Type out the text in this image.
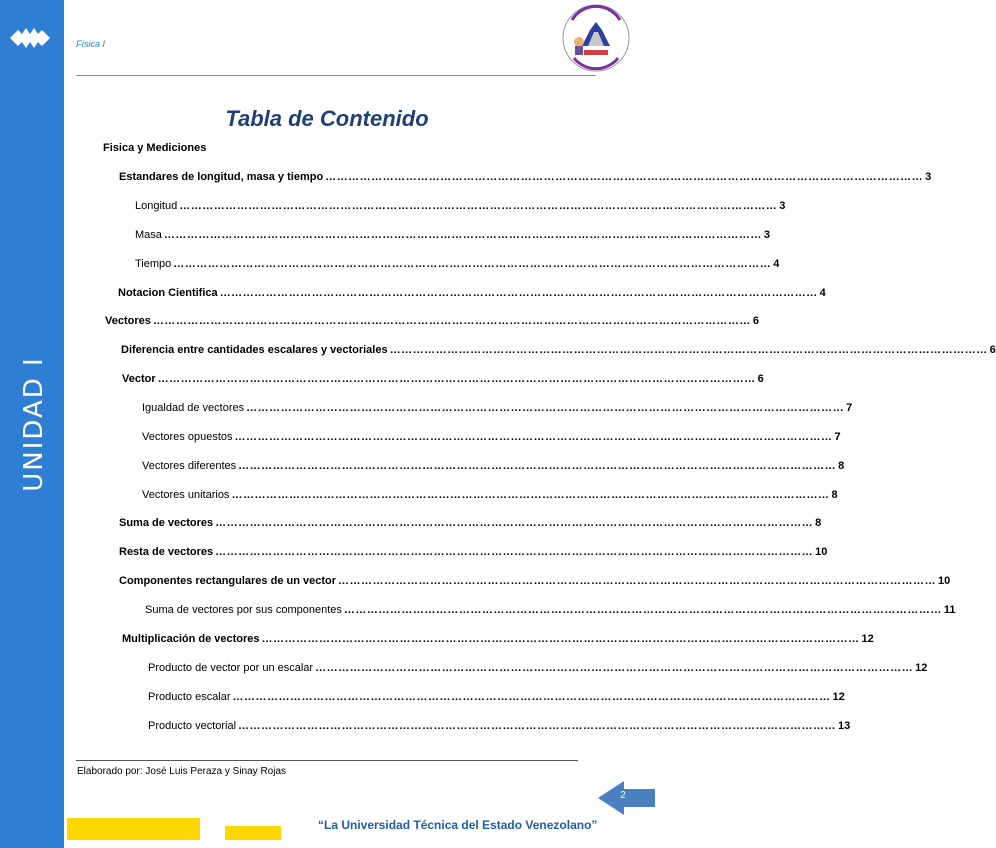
UNIDAD I
Física I
Tabla de Contenido
Fisica y Mediciones
Estandares de longitud, masa y tiempo ………………………………………………………………………………………………………………………………………… 3
Longitud ………………………………………………………………………………………………………………………………………… 3
Masa ………………………………………………………………………………………………………………………………………… 3
Tiempo ………………………………………………………………………………………………………………………………………… 4
Notacion Cientifica ………………………………………………………………………………………………………………………………………… 4
Vectores ………………………………………………………………………………………………………………………………………… 6
Diferencia entre cantidades escalares y vectoriales ………………………………………………………………………………………………………………………………………… 6
Vector ………………………………………………………………………………………………………………………………………… 6
Igualdad de vectores ………………………………………………………………………………………………………………………………………… 7
Vectores opuestos ………………………………………………………………………………………………………………………………………… 7
Vectores diferentes ………………………………………………………………………………………………………………………………………… 8
Vectores unitarios ………………………………………………………………………………………………………………………………………… 8
Suma de vectores ………………………………………………………………………………………………………………………………………… 8
Resta de vectores ………………………………………………………………………………………………………………………………………… 10
Componentes rectangulares de un vector ………………………………………………………………………………………………………………………………………… 10
Suma de vectores por sus componentes ………………………………………………………………………………………………………………………………………… 11
Multiplicación de vectores ………………………………………………………………………………………………………………………………………… 12
Producto de vector por un escalar ………………………………………………………………………………………………………………………………………… 12
Producto escalar ………………………………………………………………………………………………………………………………………… 12
Producto vectorial ………………………………………………………………………………………………………………………………………… 13
Elaborado por: José Luis Peraza y Sinay Rojas
2
“La Universidad Técnica del Estado Venezolano”
